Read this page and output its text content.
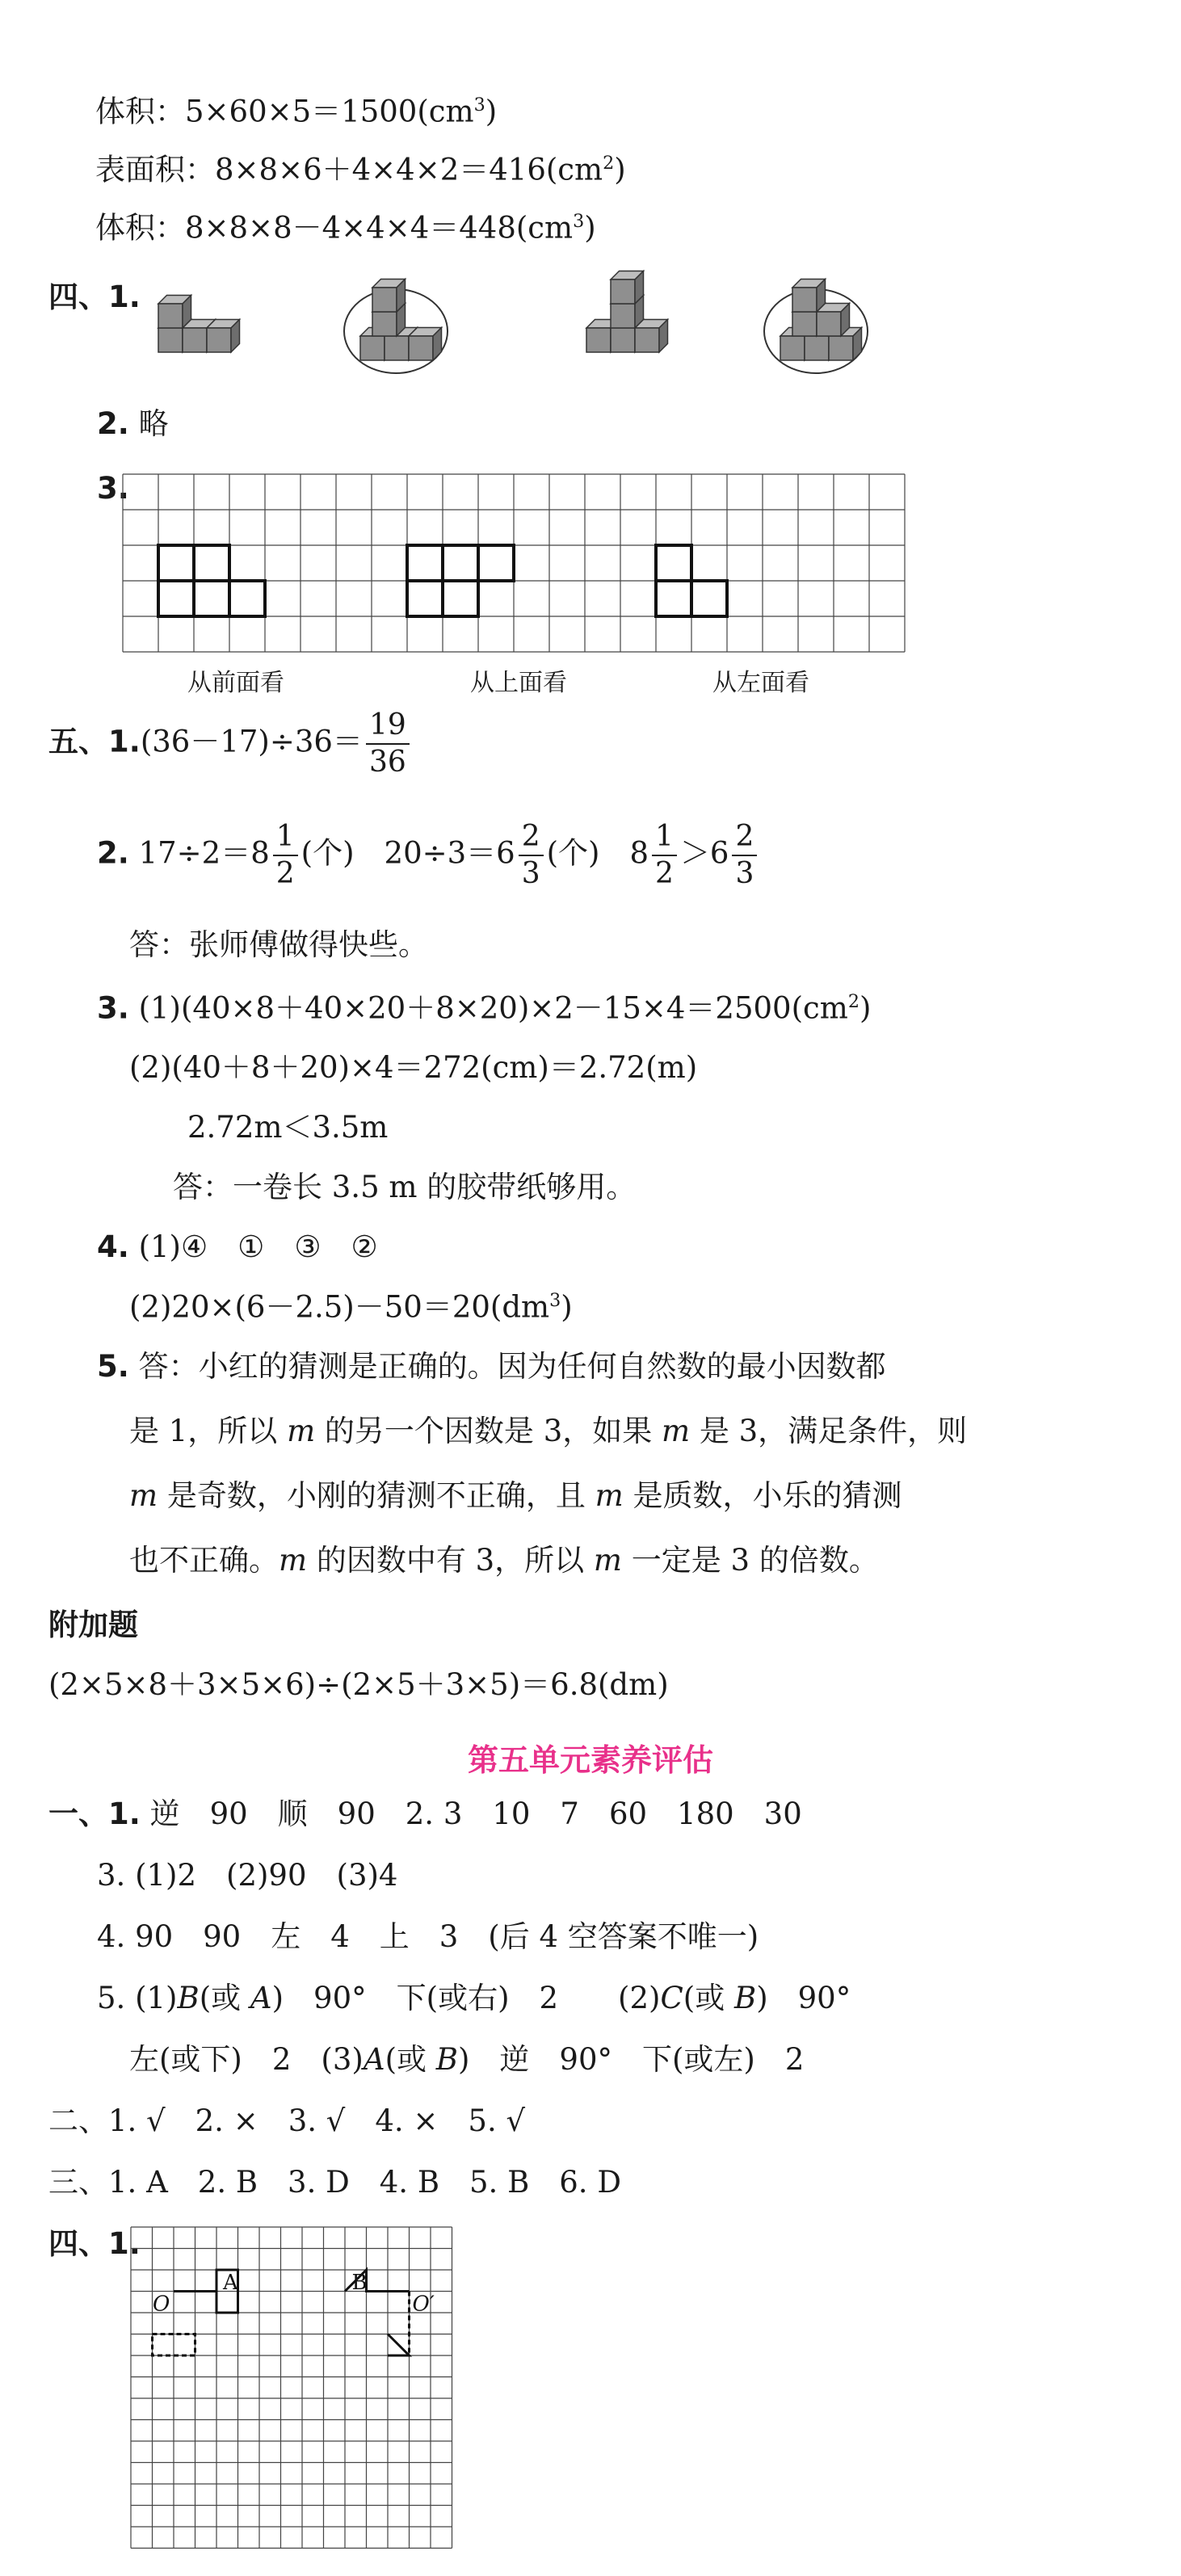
体积：$5\times 60\times 5=1500(cm^3)$
表面积：$8\times 8\times 6+4\times 4\times 2=416(cm^2)$
体积：$8\times 8\times 8-4\times 4\times 4=448(cm^3)$
四、1.
2. 略
3.
从前面看	从上面看	从左面看
五、$1.(36-17)\div 36= \frac{19}{36}$
2. $17\div 2=8 \frac{1}{2}$ (个)　$20\div 3=6 \frac{2}{3}$ (个)　$8 \frac{1}{2} >6 \frac{2}{3}$
答：张师傅做得快些。
3. $(1)(40\times 8+40\times 20+8\times 20)\times 2-15\times 4=2500(cm^2)$
(2)(40＋8＋20)×4＝272(cm)＝2.72(m)
2.72m＜3.5m
答：一卷长 3.5 m 的胶带纸够用。
4. (1)④　①　③　②
$(2)20\times(6-2.5)-50=20(dm^3)$
5. 答：小红的猜测是正确的。因为任何自然数的最小因数都
是 1，所以 m 的另一个因数是 3，如果 m 是 3，满足条件，则
m 是奇数，小刚的猜测不正确，且 m 是质数，小乐的猜测
也不正确。m 的因数中有 3，所以 m 一定是 3 的倍数。
附加题
(2×5×8＋3×5×6)÷(2×5＋3×5)＝6.8(dm)
第五单元素养评估
一、1. 逆　90　顺　90　 2. 3　10　7　60　180　30
3. (1)2　(2)90　(3)4
4. 90　90　左　4　上　3　(后 4 空答案不唯一)
5. (1)B(或 A)　90°　下(或右)　2　　(2)C(或 B)　90°
左(或下)　2　(3)A(或 B)　逆　90°　下(或左)　2
二、1. √　2. ×　3. √　4. ×　5. √
三、1. A　2. B　3. D　4. B　5. B　6. D
四、1.
O
A	B
O′
